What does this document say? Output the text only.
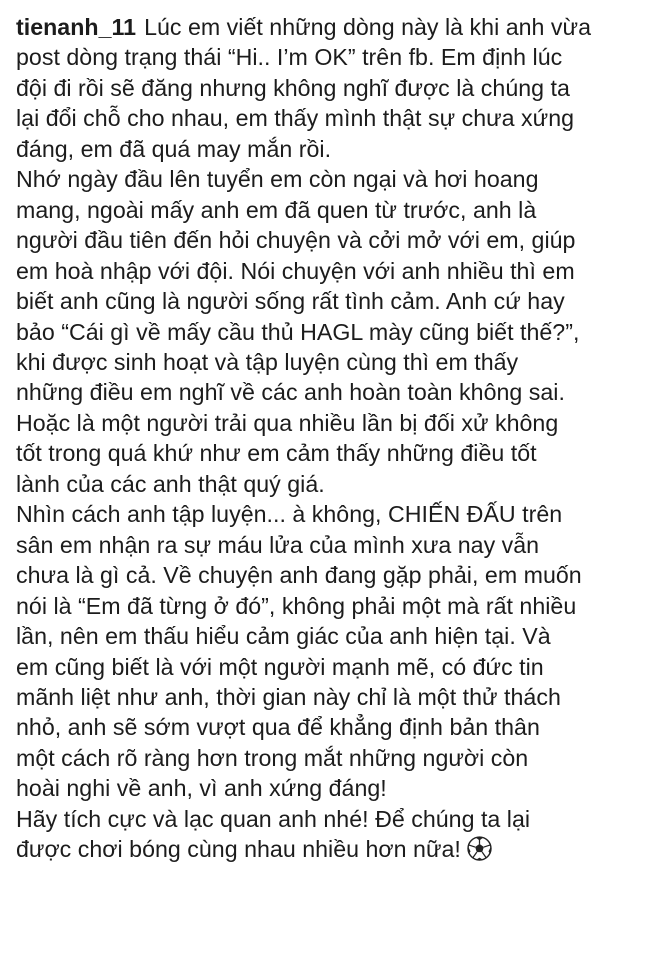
tienanh_11 Lúc em viết những dòng này là khi anh vừa
post dòng trạng thái “Hi.. I’m OK” trên fb. Em định lúc
đội đi rồi sẽ đăng nhưng không nghĩ được là chúng ta
lại đổi chỗ cho nhau, em thấy mình thật sự chưa xứng
đáng, em đã quá may mắn rồi.
Nhớ ngày đầu lên tuyển em còn ngại và hơi hoang
mang, ngoài mấy anh em đã quen từ trước, anh là
người đầu tiên đến hỏi chuyện và cởi mở với em, giúp
em hoà nhập với đội. Nói chuyện với anh nhiều thì em
biết anh cũng là người sống rất tình cảm. Anh cứ hay
bảo “Cái gì về mấy cầu thủ HAGL mày cũng biết thế?”,
khi được sinh hoạt và tập luyện cùng thì em thấy
những điều em nghĩ về các anh hoàn toàn không sai.
Hoặc là một người trải qua nhiều lần bị đối xử không
tốt trong quá khứ như em cảm thấy những điều tốt
lành của các anh thật quý giá.
Nhìn cách anh tập luyện... à không, CHIẾN ĐẤU trên
sân em nhận ra sự máu lửa của mình xưa nay vẫn
chưa là gì cả. Về chuyện anh đang gặp phải, em muốn
nói là “Em đã từng ở đó”, không phải một mà rất nhiều
lần, nên em thấu hiểu cảm giác của anh hiện tại. Và
em cũng biết là với một người mạnh mẽ, có đức tin
mãnh liệt như anh, thời gian này chỉ là một thử thách
nhỏ, anh sẽ sớm vượt qua để khẳng định bản thân
một cách rõ ràng hơn trong mắt những người còn
hoài nghi về anh, vì anh xứng đáng!
Hãy tích cực và lạc quan anh nhé! Để chúng ta lại
được chơi bóng cùng nhau nhiều hơn nữa!
